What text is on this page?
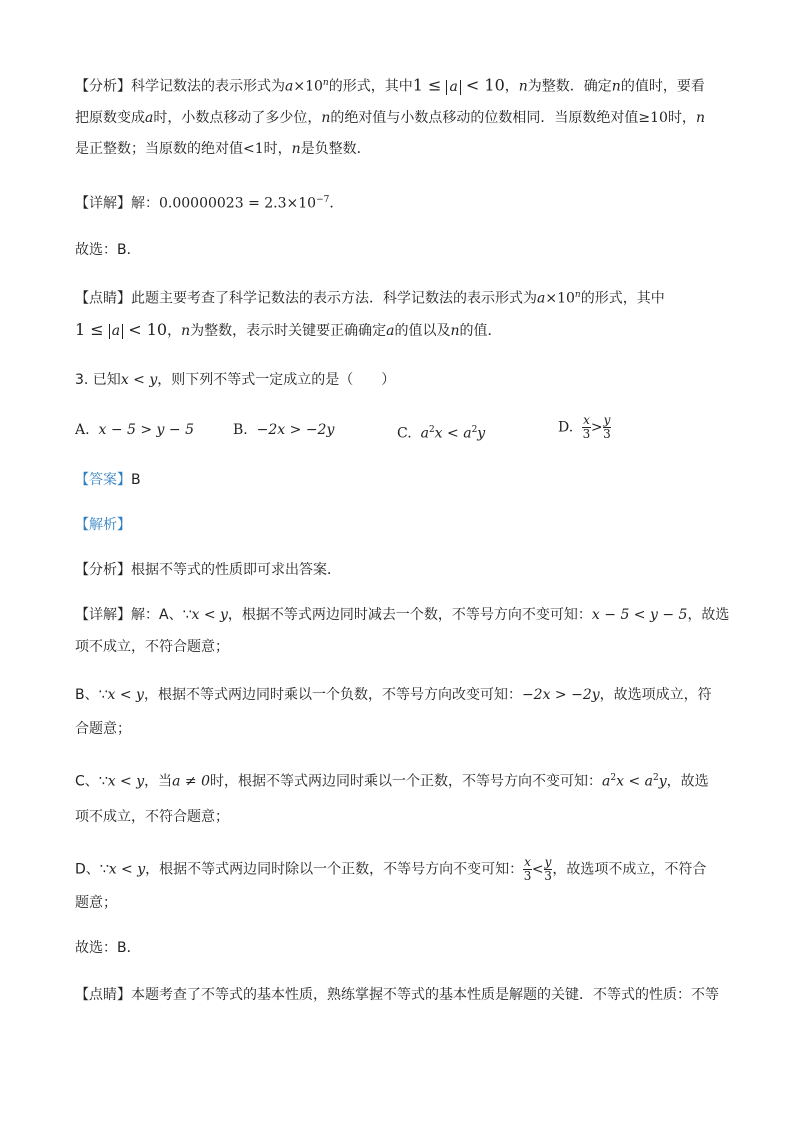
【分析】科学记数法的表示形式为$a\times 10^n$的形式，其中1 ≤ a < 10，n为整数．确定n的值时，要看
把原数变成a时，小数点移动了多少位，n的绝对值与小数点移动的位数相同．当原数绝对值≥10时，n
是正整数；当原数的绝对值<1时，n是负整数．
【详解】解：$0.00000023 = 2.3\times 10^{-7}$．
故选：B．
【点睛】此题主要考查了科学记数法的表示方法．科学记数法的表示形式为$a\times 10^n$的形式，其中
1 ≤ a < 10，n为整数，表示时关键要正确确定a的值以及n的值．
3. 已知x < y，则下列不等式一定成立的是（　　）
A. x − 5 > y − 5	B. −2x > −2y	C. $a^2x < a^2y$	D. $\frac{x}{3} > \frac{y}{3}$
【答案】B
【解析】
【分析】根据不等式的性质即可求出答案．
【详解】解：A、∵x < y，根据不等式两边同时减去一个数，不等号方向不变可知：x − 5 < y − 5，故选
项不成立，不符合题意；
B、∵x < y，根据不等式两边同时乘以一个负数，不等号方向改变可知：−2x > −2y，故选项成立，符
合题意；
C、∵x < y，当a ≠ 0时，根据不等式两边同时乘以一个正数，不等号方向不变可知：$a^2x < a^2y$，故选
项不成立，不符合题意；
D、∵x < y，根据不等式两边同时除以一个正数，不等号方向不变可知： $\frac{x}{3} < \frac{y}{3}$ ，故选项不成立，不符合
题意；
故选：B．
【点睛】本题考查了不等式的基本性质，熟练掌握不等式的基本性质是解题的关键．不等式的性质：不等
